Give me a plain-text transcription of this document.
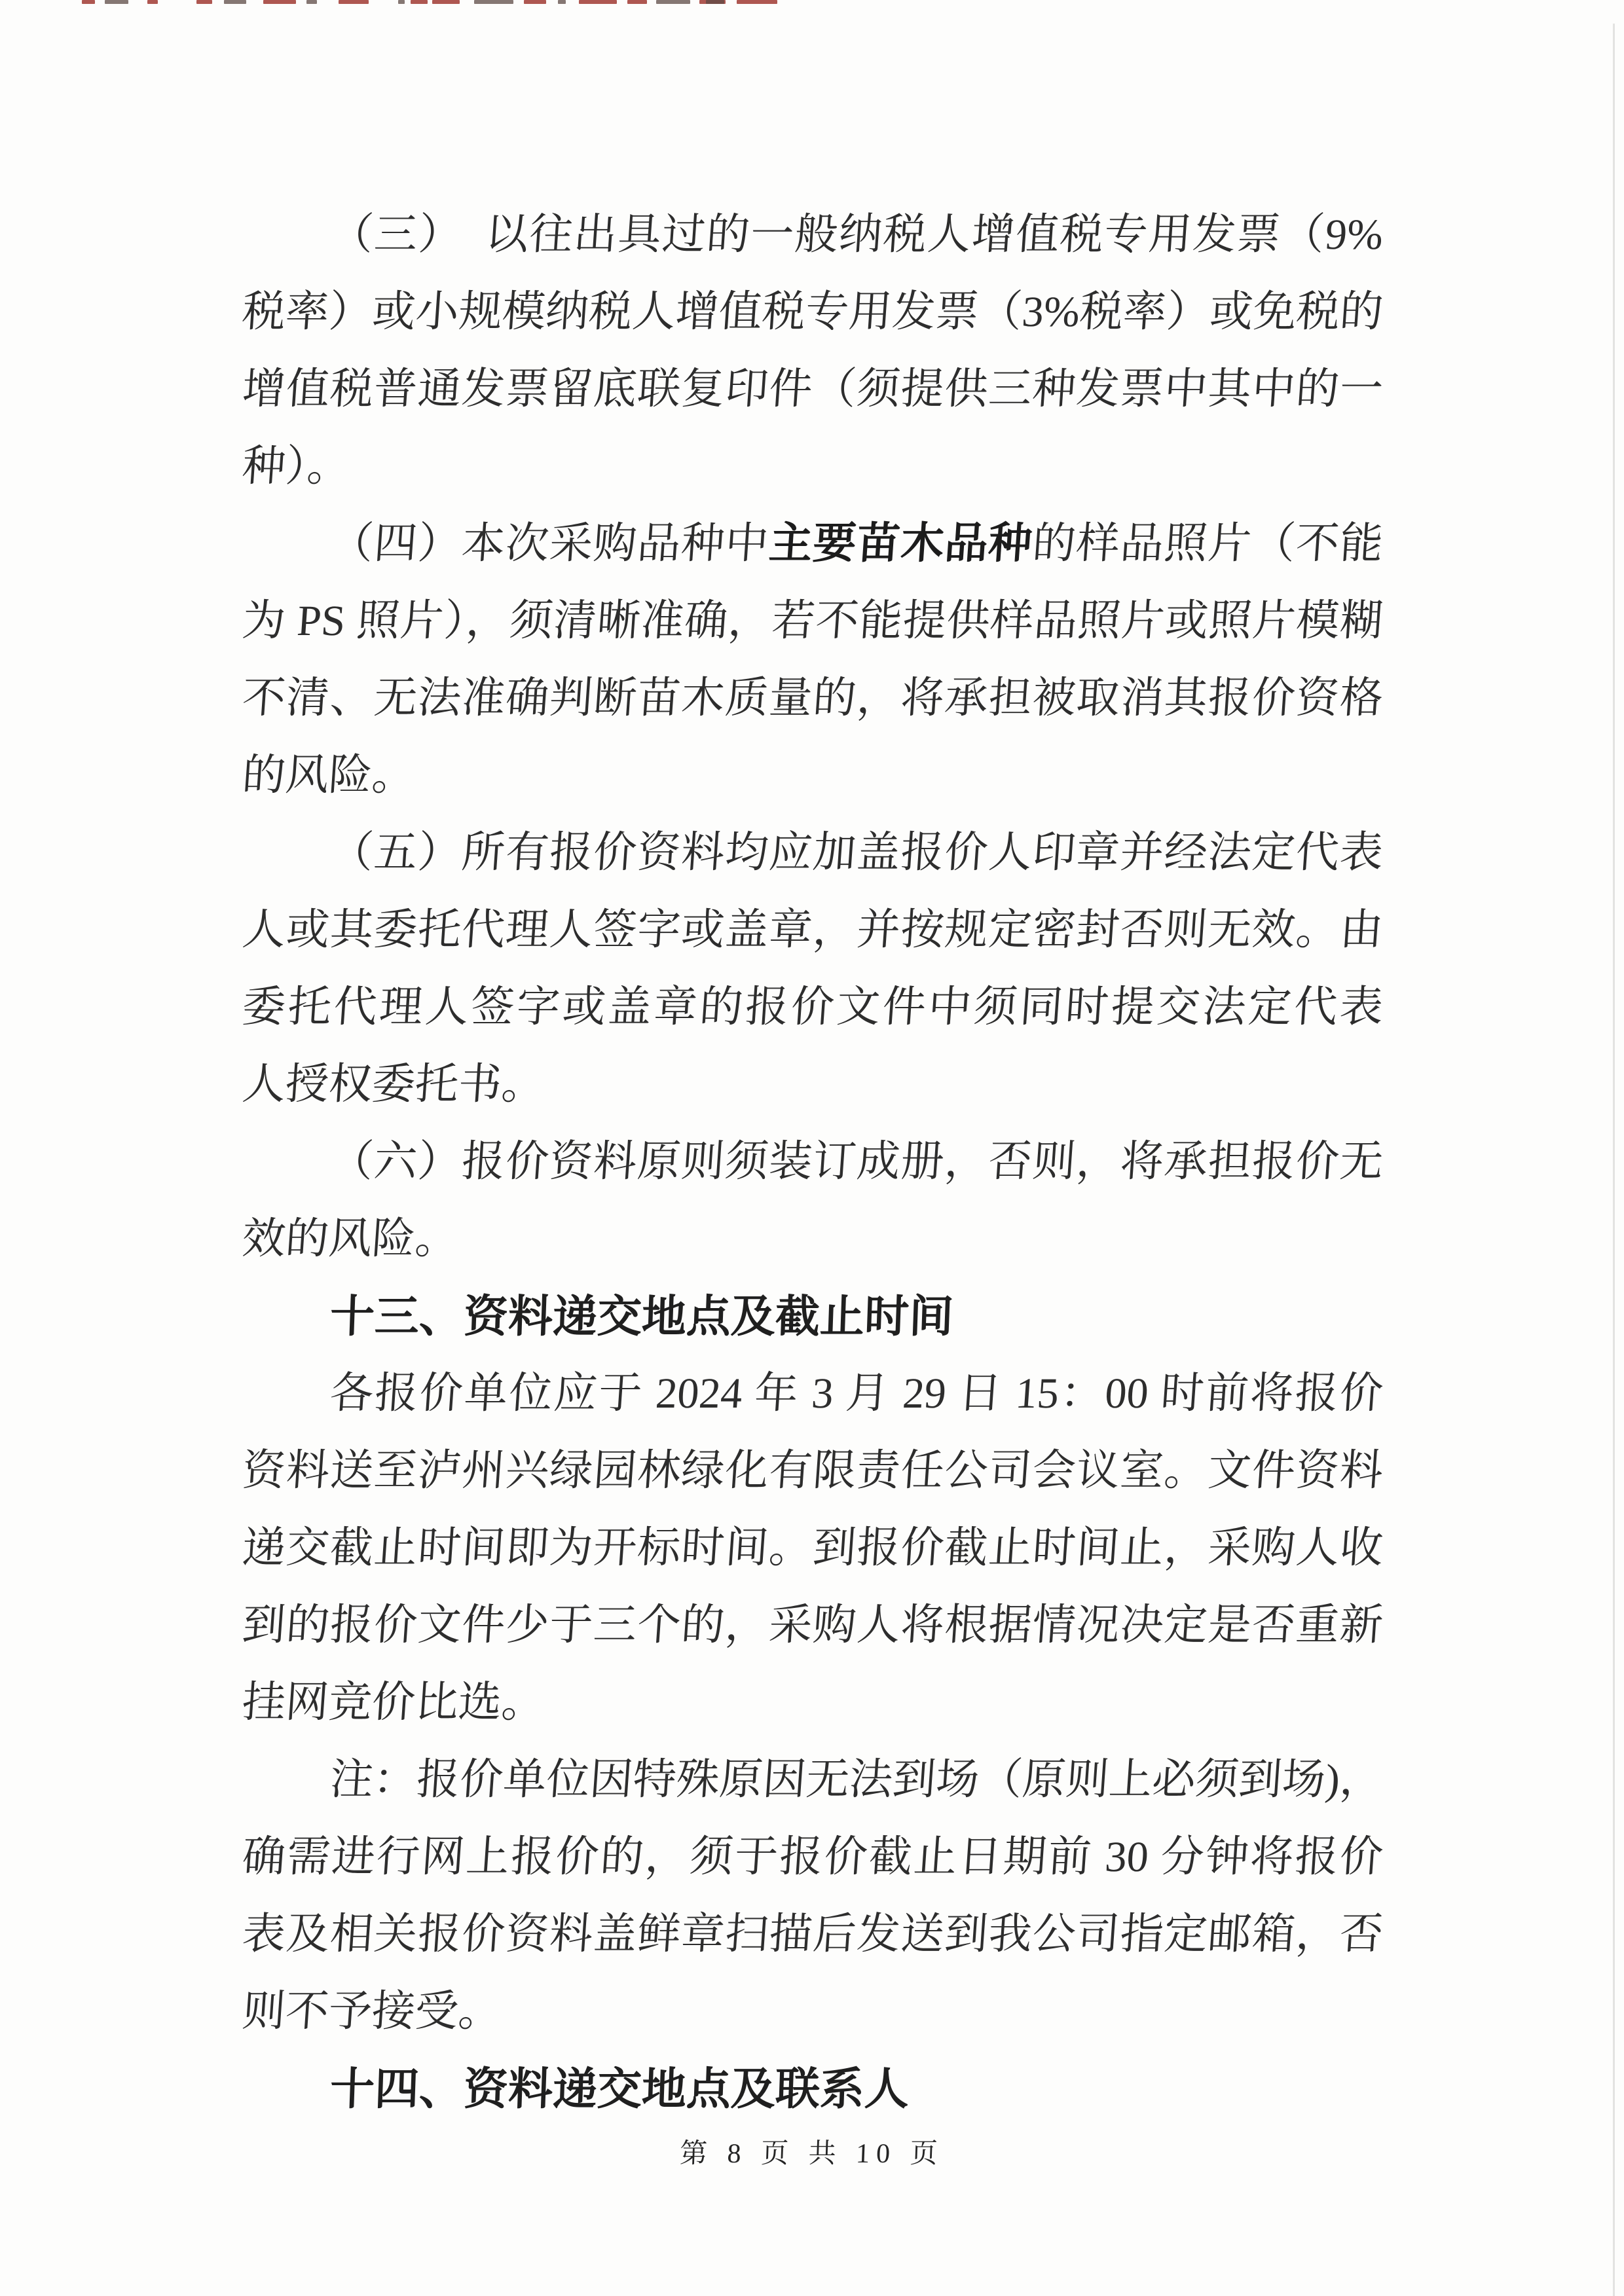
（三）　以往出具过的一般纳税人增值税专用发票（9%
税率）或小规模纳税人增值税专用发票（3%税率）或免税的
增值税普通发票留底联复印件（须提供三种发票中其中的一
种）。
（四）本次采购品种中主要苗木品种的样品照片（不能
为 PS 照片），须清晰准确，若不能提供样品照片或照片模糊
不清、无法准确判断苗木质量的，将承担被取消其报价资格
的风险。
（五）所有报价资料均应加盖报价人印章并经法定代表
人或其委托代理人签字或盖章，并按规定密封否则无效。由
委托代理人签字或盖章的报价文件中须同时提交法定代表
人授权委托书。
（六）报价资料原则须装订成册，否则，将承担报价无
效的风险。
十三、资料递交地点及截止时间
各报价单位应于 2024 年 3 月 29 日 15：00 时前将报价
资料送至泸州兴绿园林绿化有限责任公司会议室。文件资料
递交截止时间即为开标时间。到报价截止时间止，采购人收
到的报价文件少于三个的，采购人将根据情况决定是否重新
挂网竞价比选。
注：报价单位因特殊原因无法到场（原则上必须到场)，
确需进行网上报价的，须于报价截止日期前 30 分钟将报价
表及相关报价资料盖鲜章扫描后发送到我公司指定邮箱，否
则不予接受。
十四、资料递交地点及联系人
第 8 页 共 10 页
